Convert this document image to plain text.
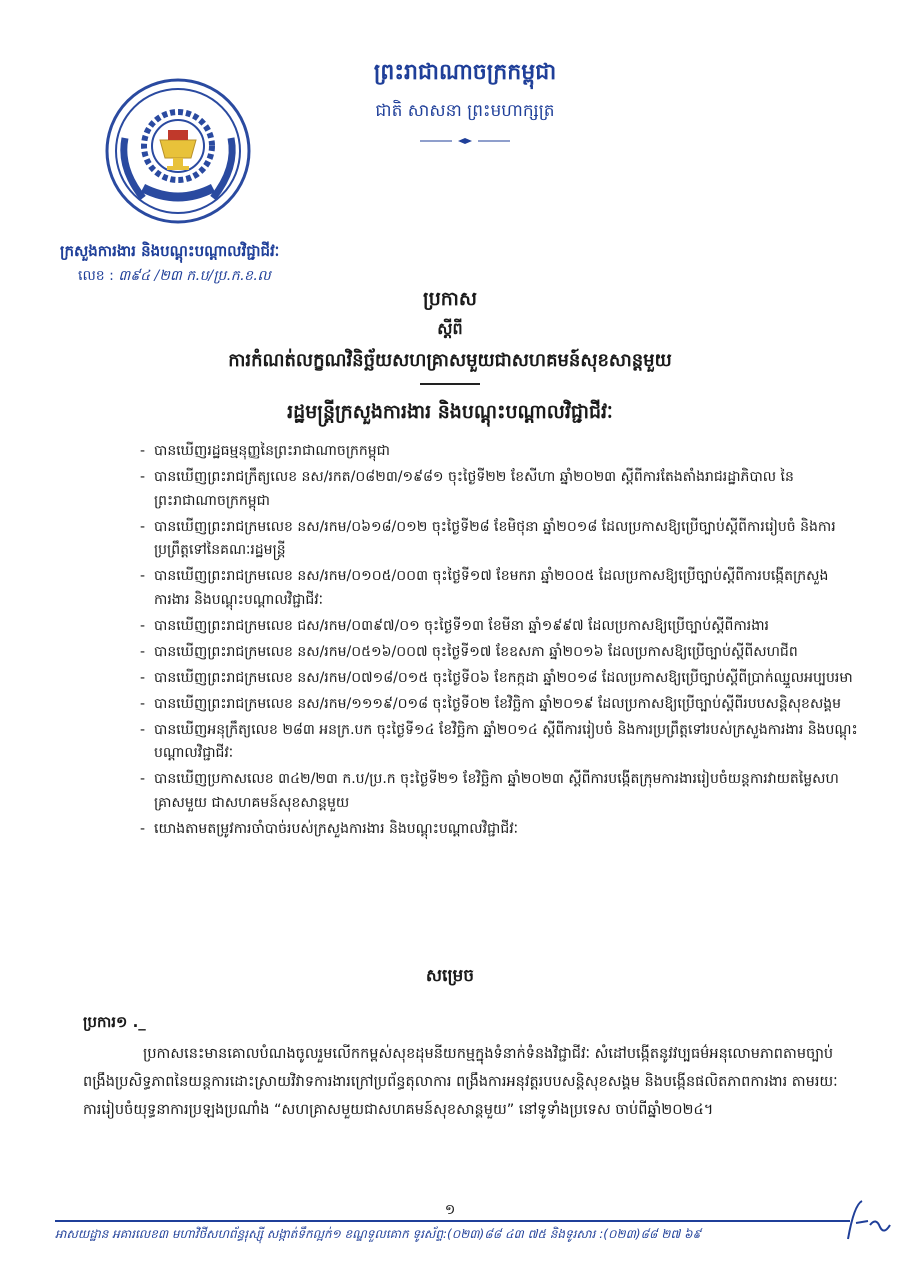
ព្រះរាជាណាចក្រកម្ពុជា
ជាតិ សាសនា ព្រះមហាក្សត្រ
ក្រសួងការងារ និងបណ្តុះបណ្តាលវិជ្ជាជីវៈ
លេខ : ៣៩៤ /២៣ ក.ប/ប្រ.ក.ខ.ល
ប្រកាស
ស្តីពី
ការកំណត់លក្ខណវិនិច្ឆ័យសហគ្រាសមួយជាសហគមន៍សុខសាន្តមួយ
រដ្ឋមន្ត្រីក្រសួងការងារ និងបណ្តុះបណ្តាលវិជ្ជាជីវៈ
- បានឃើញរដ្ឋធម្មនុញ្ញនៃព្រះរាជាណាចក្រកម្ពុជា
- បានឃើញព្រះរាជក្រឹត្យលេខ នស/រកត/០៨២៣/១៩៨១ ចុះថ្ងៃទី២២ ខែសីហា ឆ្នាំ២០២៣ ស្តីពីការតែងតាំងរាជរដ្ឋាភិបាល នៃព្រះរាជាណាចក្រកម្ពុជា
- បានឃើញព្រះរាជក្រមលេខ នស/រកម/០៦១៨/០១២ ចុះថ្ងៃទី២៨ ខែមិថុនា ឆ្នាំ២០១៨ ដែលប្រកាសឱ្យប្រើច្បាប់ស្តីពីការរៀបចំ និងការប្រព្រឹត្តទៅនៃគណៈរដ្ឋមន្ត្រី
- បានឃើញព្រះរាជក្រមលេខ នស/រកម/០១០៥/០០៣ ចុះថ្ងៃទី១៧ ខែមករា ឆ្នាំ២០០៥ ដែលប្រកាសឱ្យប្រើច្បាប់ស្តីពីការបង្កើតក្រសួងការងារ និងបណ្តុះបណ្តាលវិជ្ជាជីវៈ
- បានឃើញព្រះរាជក្រមលេខ ជស/រកម/០៣៩៧/០១ ចុះថ្ងៃទី១៣ ខែមីនា ឆ្នាំ១៩៩៧ ដែលប្រកាសឱ្យប្រើច្បាប់ស្តីពីការងារ
- បានឃើញព្រះរាជក្រមលេខ នស/រកម/០៥១៦/០០៧ ចុះថ្ងៃទី១៧ ខែឧសភា ឆ្នាំ២០១៦ ដែលប្រកាសឱ្យប្រើច្បាប់ស្តីពីសហជីព
- បានឃើញព្រះរាជក្រមលេខ នស/រកម/០៧១៨/០១៥ ចុះថ្ងៃទី០៦ ខែកក្កដា ឆ្នាំ២០១៨ ដែលប្រកាសឱ្យប្រើច្បាប់ស្តីពីប្រាក់ឈ្នួលអប្បបរមា
- បានឃើញព្រះរាជក្រមលេខ នស/រកម/១១១៩/០១៨ ចុះថ្ងៃទី០២ ខែវិច្ឆិកា ឆ្នាំ២០១៩ ដែលប្រកាសឱ្យប្រើច្បាប់ស្តីពីរបបសន្តិសុខសង្គម
- បានឃើញអនុក្រឹត្យលេខ ២៨៣ អនក្រ.បក ចុះថ្ងៃទី១៤ ខែវិច្ឆិកា ឆ្នាំ២០១៤ ស្តីពីការរៀបចំ និងការប្រព្រឹត្តទៅរបស់ក្រសួងការងារ និងបណ្តុះបណ្តាលវិជ្ជាជីវៈ
- បានឃើញប្រកាសលេខ ៣៤២/២៣ ក.ប/ប្រ.ក ចុះថ្ងៃទី២១ ខែវិច្ឆិកា ឆ្នាំ២០២៣ ស្តីពីការបង្កើតក្រុមការងាររៀបចំយន្តការវាយតម្លៃសហគ្រាសមួយ ជាសហគមន៍សុខសាន្តមួយ
- យោងតាមតម្រូវការចាំបាច់របស់ក្រសួងការងារ និងបណ្តុះបណ្តាលវិជ្ជាជីវៈ
សម្រេច
ប្រការ១ ._
ប្រកាសនេះមានគោលបំណងចូលរួមលើកកម្ពស់សុខដុមនីយកម្មក្នុងទំនាក់ទំនងវិជ្ជាជីវៈ សំដៅបង្កើតនូវវប្បធម៌អនុលោមភាពតាមច្បាប់ ពង្រឹងប្រសិទ្ធភាពនៃយន្តការដោះស្រាយវិវាទការងារក្រៅប្រព័ន្ធតុលាការ ពង្រឹងការអនុវត្តរបបសន្តិសុខសង្គម និងបង្កើនផលិតភាពការងារ តាមរយៈការរៀបចំយុទ្ធនាការប្រឡងប្រណាំង “សហគ្រាសមួយជាសហគមន៍សុខសាន្តមួយ” នៅទូទាំងប្រទេស ចាប់ពីឆ្នាំ២០២៤។
១
អាសយដ្ឋាន អគារលេខ៣ មហាវិថីសហព័ន្ធរុស្ស៊ី សង្កាត់ទឹកល្អក់១ ខណ្ឌទួលគោក ទូរស័ព្ទ:(០២៣)៨៨ ៤៣ ៧៥ និងទូរសារ :(០២៣)៨៨ ២៧ ៦៩
